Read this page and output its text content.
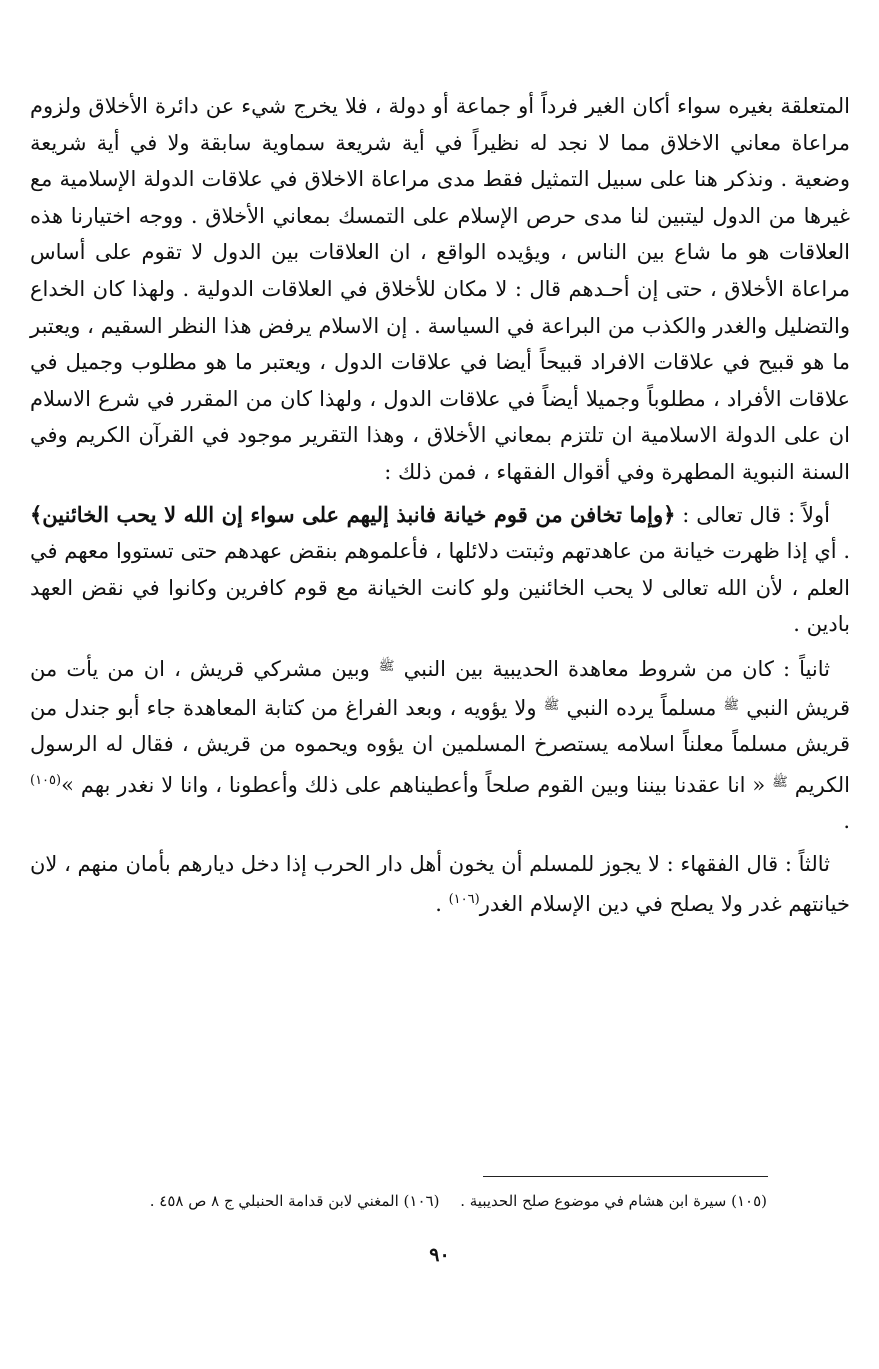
المتعلقة بغيره سواء أكان الغير فرداً أو جماعة أو دولة ، فلا يخرج شيء عن دائرة الأخلاق ولزوم مراعاة معاني الاخلاق مما لا نجد له نظيراً في أية شريعة سماوية سابقة ولا في أية شريعة وضعية . ونذكر هنا على سبيل التمثيل فقط مدى مراعاة الاخلاق في علاقات الدولة الإسلامية مع غيرها من الدول ليتبين لنا مدى حرص الإسلام على التمسك بمعاني الأخلاق . ووجه اختيارنا هذه العلاقات هو ما شاع بين الناس ، ويؤيده الواقع ، ان العلاقات بين الدول لا تقوم على أساس مراعاة الأخلاق ، حتى إن أحـدهم قال : لا مكان للأخلاق في العلاقات الدولية . ولهذا كان الخداع والتضليل والغدر والكذب من البراعة في السياسة . إن الاسلام يرفض هذا النظر السقيم ، ويعتبر ما هو قبيح في علاقات الافراد قبيحاً أيضا في علاقات الدول ، ويعتبر ما هو مطلوب وجميل في علاقات الأفراد ، مطلوباً وجميلا أيضاً في علاقات الدول ، ولهذا كان من المقرر في شرع الاسلام ان على الدولة الاسلامية ان تلتزم بمعاني الأخلاق ، وهذا التقرير موجود في القرآن الكريم وفي السنة النبوية المطهرة وفي أقوال الفقهاء ، فمن ذلك :

أولاً : قال تعالى : ﴿وإما تخافن من قوم خيانة فانبذ إليهم على سواء إن الله لا يحب الخائنين﴾ . أي إذا ظهرت خيانة من عاهدتهم وثبتت دلائلها ، فأعلموهم بنقض عهدهم حتى تستووا معهم في العلم ، لأن الله تعالى لا يحب الخائنين ولو كانت الخيانة مع قوم كافرين وكانوا في نقض العهد بادين .

ثانياً : كان من شروط معاهدة الحديبية بين النبي $^ﷺ$ وبين مشركي قريش ، ان من يأت من قريش النبي $^ﷺ$ مسلماً يرده النبي $^ﷺ$ ولا يؤويه ، وبعد الفراغ من كتابة المعاهدة جاء أبو جندل من قريش مسلماً معلناً اسلامه يستصرخ المسلمين ان يؤوه ويحموه من قريش ، فقال له الرسول الكريم $^ﷺ$ « انا عقدنا بيننا وبين القوم صلحاً وأعطيناهم على ذلك وأعطونا ، وانا لا نغدر بهم »$^{(١٠٥)}$ .

ثالثاً : قال الفقهاء : لا يجوز للمسلم أن يخون أهل دار الحرب إذا دخل ديارهم بأمان منهم ، لان خيانتهم غدر ولا يصلح في دين الإسلام الغدر$^{(١٠٦)}$ .

(١٠٥) سيرة ابن هشام في موضوع صلح الحديبية . (١٠٦) المغني لابن قدامة الحنبلي ج ٨ ص ٤٥٨ .
٩٠
